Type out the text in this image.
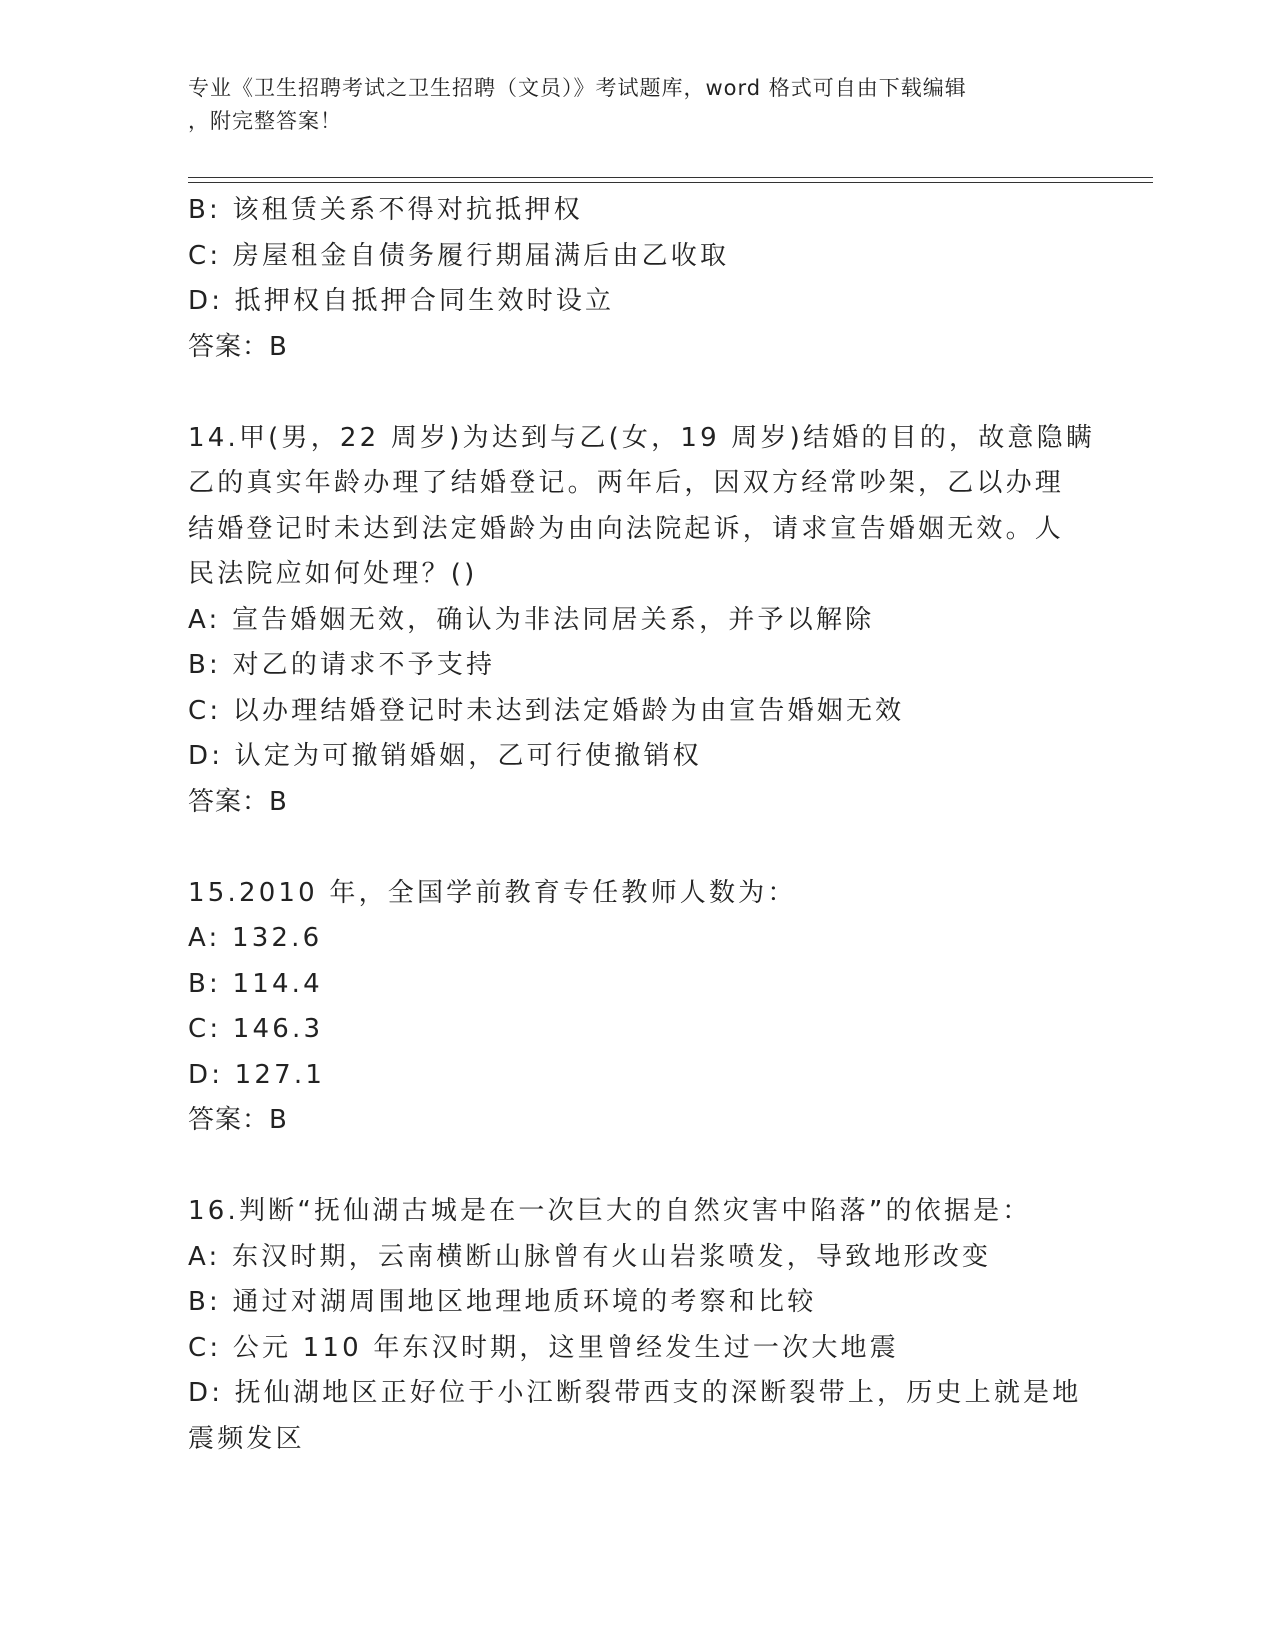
专业《卫生招聘考试之卫生招聘（文员）》考试题库，word 格式可自由下载编辑
，附完整答案！
B: 该租赁关系不得对抗抵押权
C: 房屋租金自债务履行期届满后由乙收取
D: 抵押权自抵押合同生效时设立
答案：B
14.甲(男，22 周岁)为达到与乙(女，19 周岁)结婚的目的，故意隐瞒
乙的真实年龄办理了结婚登记。两年后，因双方经常吵架，乙以办理
结婚登记时未达到法定婚龄为由向法院起诉，请求宣告婚姻无效。人
民法院应如何处理？()
A: 宣告婚姻无效，确认为非法同居关系，并予以解除
B: 对乙的请求不予支持
C: 以办理结婚登记时未达到法定婚龄为由宣告婚姻无效
D: 认定为可撤销婚姻，乙可行使撤销权
答案：B
15.2010 年，全国学前教育专任教师人数为：
A: 132.6
B: 114.4
C: 146.3
D: 127.1
答案：B
16.判断“抚仙湖古城是在一次巨大的自然灾害中陷落”的依据是：
A: 东汉时期，云南横断山脉曾有火山岩浆喷发，导致地形改变
B: 通过对湖周围地区地理地质环境的考察和比较
C: 公元 110 年东汉时期，这里曾经发生过一次大地震
D: 抚仙湖地区正好位于小江断裂带西支的深断裂带上，历史上就是地
震频发区
